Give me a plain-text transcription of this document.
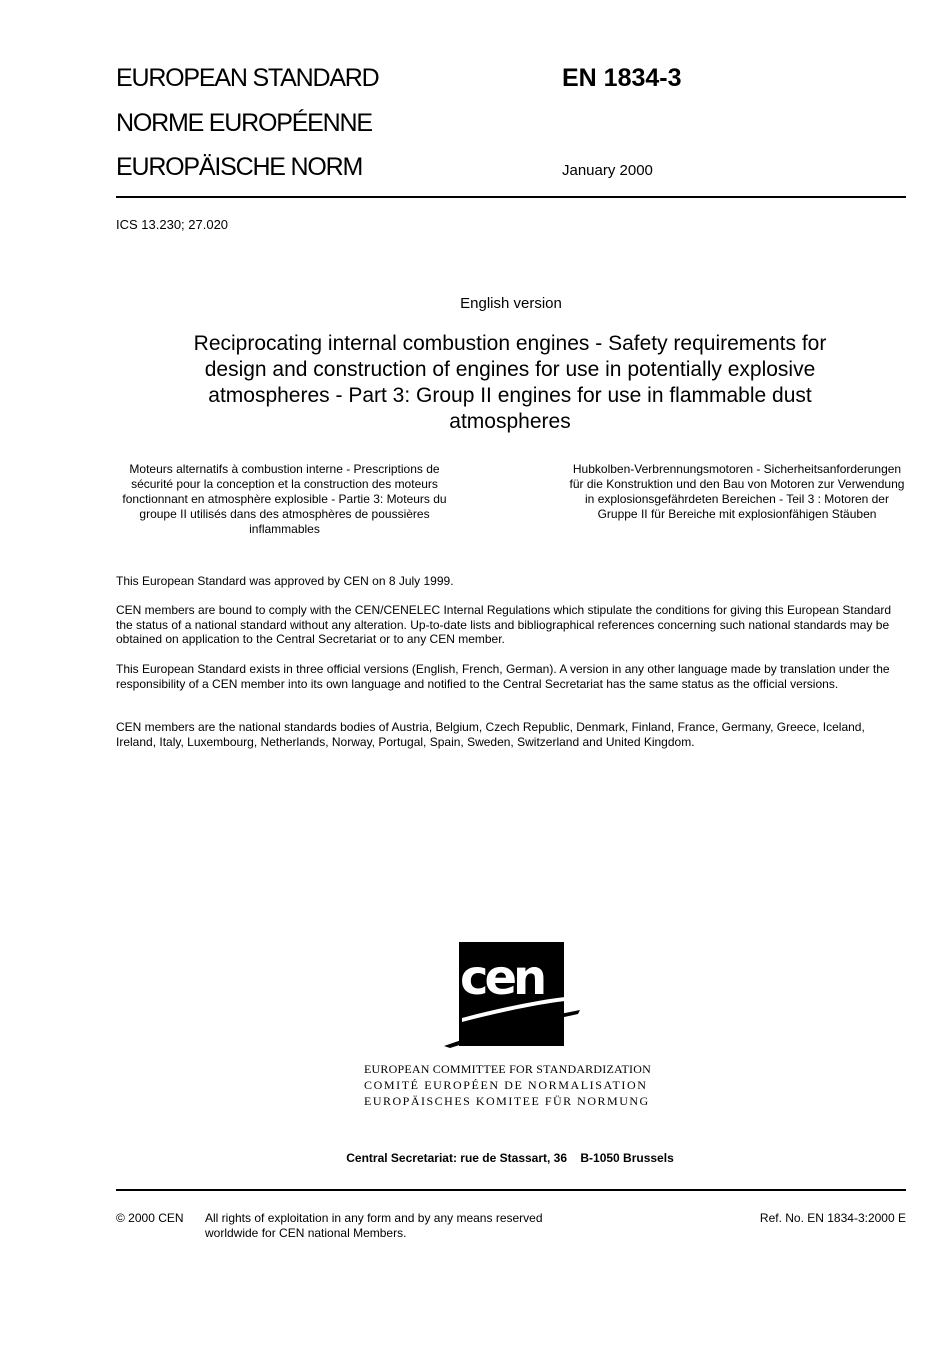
EUROPEAN STANDARD
NORME EUROPÉENNE
EUROPÄISCHE NORM
EN 1834-3
January 2000
ICS 13.230; 27.020
English version
Reciprocating internal combustion engines - Safety requirements for design and construction of engines for use in potentially explosive atmospheres - Part 3: Group II engines for use in flammable dust atmospheres
Moteurs alternatifs à combustion interne - Prescriptions de sécurité pour la conception et la construction des moteurs fonctionnant en atmosphère explosible - Partie 3: Moteurs du groupe II utilisés dans des atmosphères de poussières inflammables
Hubkolben-Verbrennungsmotoren - Sicherheitsanforderungen für die Konstruktion und den Bau von Motoren zur Verwendung in explosionsgefährdeten Bereichen - Teil 3 : Motoren der Gruppe II für Bereiche mit explosionfähigen Stäuben
This European Standard was approved by CEN on 8 July 1999.
CEN members are bound to comply with the CEN/CENELEC Internal Regulations which stipulate the conditions for giving this European Standard the status of a national standard without any alteration. Up-to-date lists and bibliographical references concerning such national standards may be obtained on application to the Central Secretariat or to any CEN member.
This European Standard exists in three official versions (English, French, German). A version in any other language made by translation under the responsibility of a CEN member into its own language and notified to the Central Secretariat has the same status as the official versions.
CEN members are the national standards bodies of Austria, Belgium, Czech Republic, Denmark, Finland, France, Germany, Greece, Iceland, Ireland, Italy, Luxembourg, Netherlands, Norway, Portugal, Spain, Sweden, Switzerland and United Kingdom.
cen
EUROPEAN COMMITTEE FOR STANDARDIZATION
COMITÉ EUROPÉEN DE NORMALISATION
EUROPÄISCHES KOMITEE FÜR NORMUNG
Central Secretariat: rue de Stassart, 36    B-1050 Brussels
© 2000 CEN All rights of exploitation in any form and by any means reserved worldwide for CEN national Members.
Ref. No. EN 1834-3:2000 E
